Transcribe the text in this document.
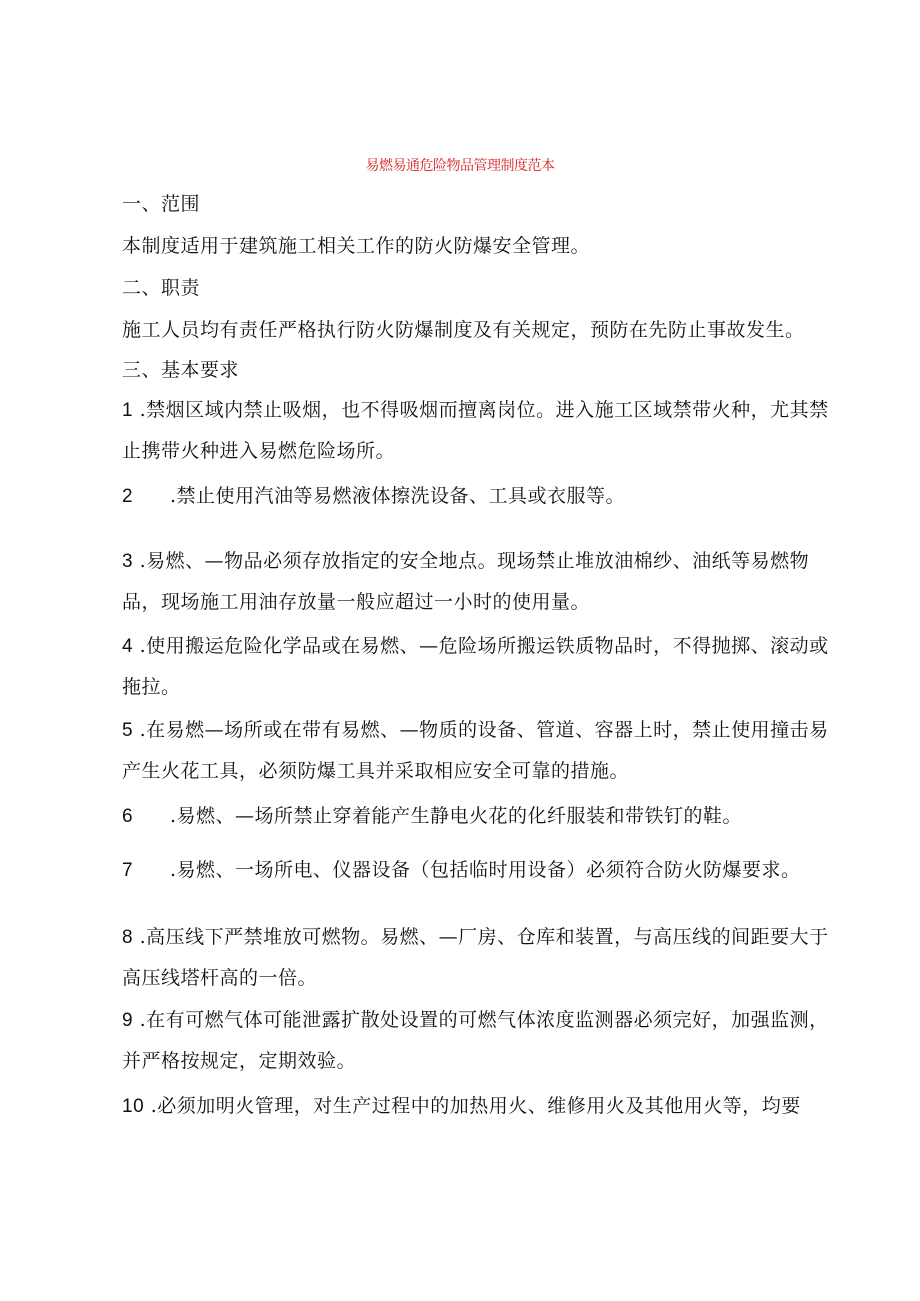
易燃易通危险物品管理制度范本
一、范围
本制度适用于建筑施工相关工作的防火防爆安全管理。
二、职责
施工人员均有责任严格执行防火防爆制度及有关规定，预防在先防止事故发生。
三、基本要求
1 .禁烟区域内禁止吸烟，也不得吸烟而擅离岗位。进入施工区域禁带火种，尤其禁止携带火种进入易燃危险场所。
2 .禁止使用汽油等易燃液体擦洗设备、工具或衣服等。
3 .易燃、—物品必须存放指定的安全地点。现场禁止堆放油棉纱、油纸等易燃物品，现场施工用油存放量一般应超过一小时的使用量。
4 .使用搬运危险化学品或在易燃、—危险场所搬运铁质物品时，不得抛掷、滚动或拖拉。
5 .在易燃—场所或在带有易燃、—物质的设备、管道、容器上时，禁止使用撞击易产生火花工具，必须防爆工具并采取相应安全可靠的措施。
6 .易燃、—场所禁止穿着能产生静电火花的化纤服装和带铁钉的鞋。
7 .易燃、一场所电、仪器设备（包括临时用设备）必须符合防火防爆要求。
8 .高压线下严禁堆放可燃物。易燃、—厂房、仓库和装置，与高压线的间距要大于高压线塔杆高的一倍。
9 .在有可燃气体可能泄露扩散处设置的可燃气体浓度监测器必须完好，加强监测，并严格按规定，定期效验。
10 .必须加明火管理，对生产过程中的加热用火、维修用火及其他用火等，均要
